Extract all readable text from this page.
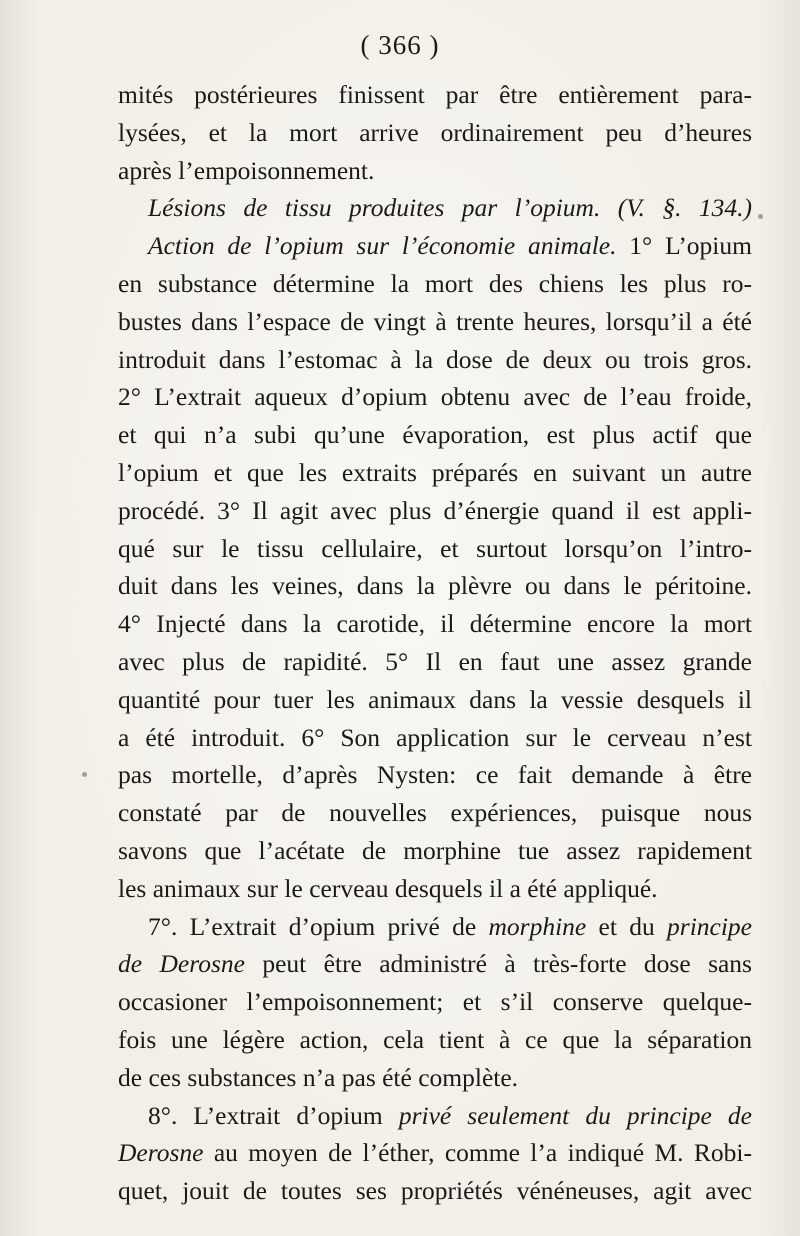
( 366 )
mités postérieures finissent par être entièrement para-
lysées, et la mort arrive ordinairement peu d’heures
après l’empoisonnement.
Lésions de tissu produites par l’opium. (V. §. 134.)
Action de l’opium sur l’économie animale. 1° L’opium
en substance détermine la mort des chiens les plus ro-
bustes dans l’espace de vingt à trente heures, lorsqu’il a été
introduit dans l’estomac à la dose de deux ou trois gros.
2° L’extrait aqueux d’opium obtenu avec de l’eau froide,
et qui n’a subi qu’une évaporation, est plus actif que
l’opium et que les extraits préparés en suivant un autre
procédé. 3° Il agit avec plus d’énergie quand il est appli-
qué sur le tissu cellulaire, et surtout lorsqu’on l’intro-
duit dans les veines, dans la plèvre ou dans le péritoine.
4° Injecté dans la carotide, il détermine encore la mort
avec plus de rapidité. 5° Il en faut une assez grande
quantité pour tuer les animaux dans la vessie desquels il
a été introduit. 6° Son application sur le cerveau n’est
pas mortelle, d’après Nysten: ce fait demande à être
constaté par de nouvelles expériences, puisque nous
savons que l’acétate de morphine tue assez rapidement
les animaux sur le cerveau desquels il a été appliqué.
7°. L’extrait d’opium privé de morphine et du principe
de Derosne peut être administré à très-forte dose sans
occasioner l’empoisonnement; et s’il conserve quelque-
fois une légère action, cela tient à ce que la séparation
de ces substances n’a pas été complète.
8°. L’extrait d’opium privé seulement du principe de
Derosne au moyen de l’éther, comme l’a indiqué M. Robi-
quet, jouit de toutes ses propriétés vénéneuses, agit avec
